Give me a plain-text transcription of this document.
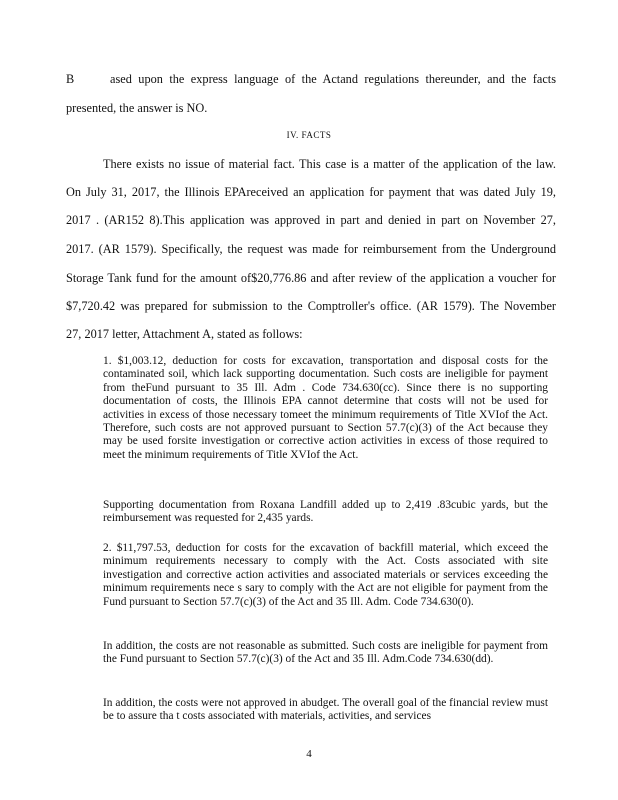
B	ased upon the express language of the Actand regulations thereunder, and the facts
presented, the answer is NO.
IV. FACTS
There exists no issue of material fact. This case is a matter of the application of the law.
On July 31, 2017, the Illinois EPAreceived an application for payment that was dated July 19,
2017 . (AR152 8).This application was approved in part and denied in part on November 27,
2017. (AR 1579). Specifically, the request was made for reimbursement from the Underground
Storage Tank fund for the amount of$20,776.86 and after review of the application a voucher for
$7,720.42 was prepared for submission to the Comptroller's office. (AR 1579). The November
27, 2017 letter, Attachment A, stated as follows:

1. $1,003.12, deduction for costs for excavation, transportation and disposal costs for the contaminated soil, which lack supporting documentation. Such costs are ineligible for payment from theFund pursuant to 35 Ill. Adm . Code 734.630(cc). Since there is no supporting documentation of costs, the Illinois EPA cannot determine that costs will not be used for activities in excess of those necessary tomeet the minimum requirements of Title XVIof the Act. Therefore, such costs are not approved pursuant to Section 57.7(c)(3) of the Act because they may be used forsite investigation or corrective action activities in excess of those required to meet the minimum requirements of Title XVIof the Act.

Supporting documentation from Roxana Landfill added up to 2,419 .83cubic yards, but the reimbursement was requested for 2,435 yards.

2. $11,797.53, deduction for costs for the excavation of backfill material, which exceed the minimum requirements necessary to comply with the Act. Costs associated with site investigation and corrective action activities and associated materials or services exceeding the minimum requirements nece s sary to comply with the Act are not eligible for payment from the Fund pursuant to Section 57.7(c)(3) of the Act and 35 Ill. Adm. Code 734.630(0).

In addition, the costs are not reasonable as submitted. Such costs are ineligible for payment from the Fund pursuant to Section 57.7(c)(3) of the Act and 35 Ill. Adm.Code 734.630(dd).

In addition, the costs were not approved in abudget. The overall goal of the financial review must be to assure tha t costs associated with materials, activities, and services

4
